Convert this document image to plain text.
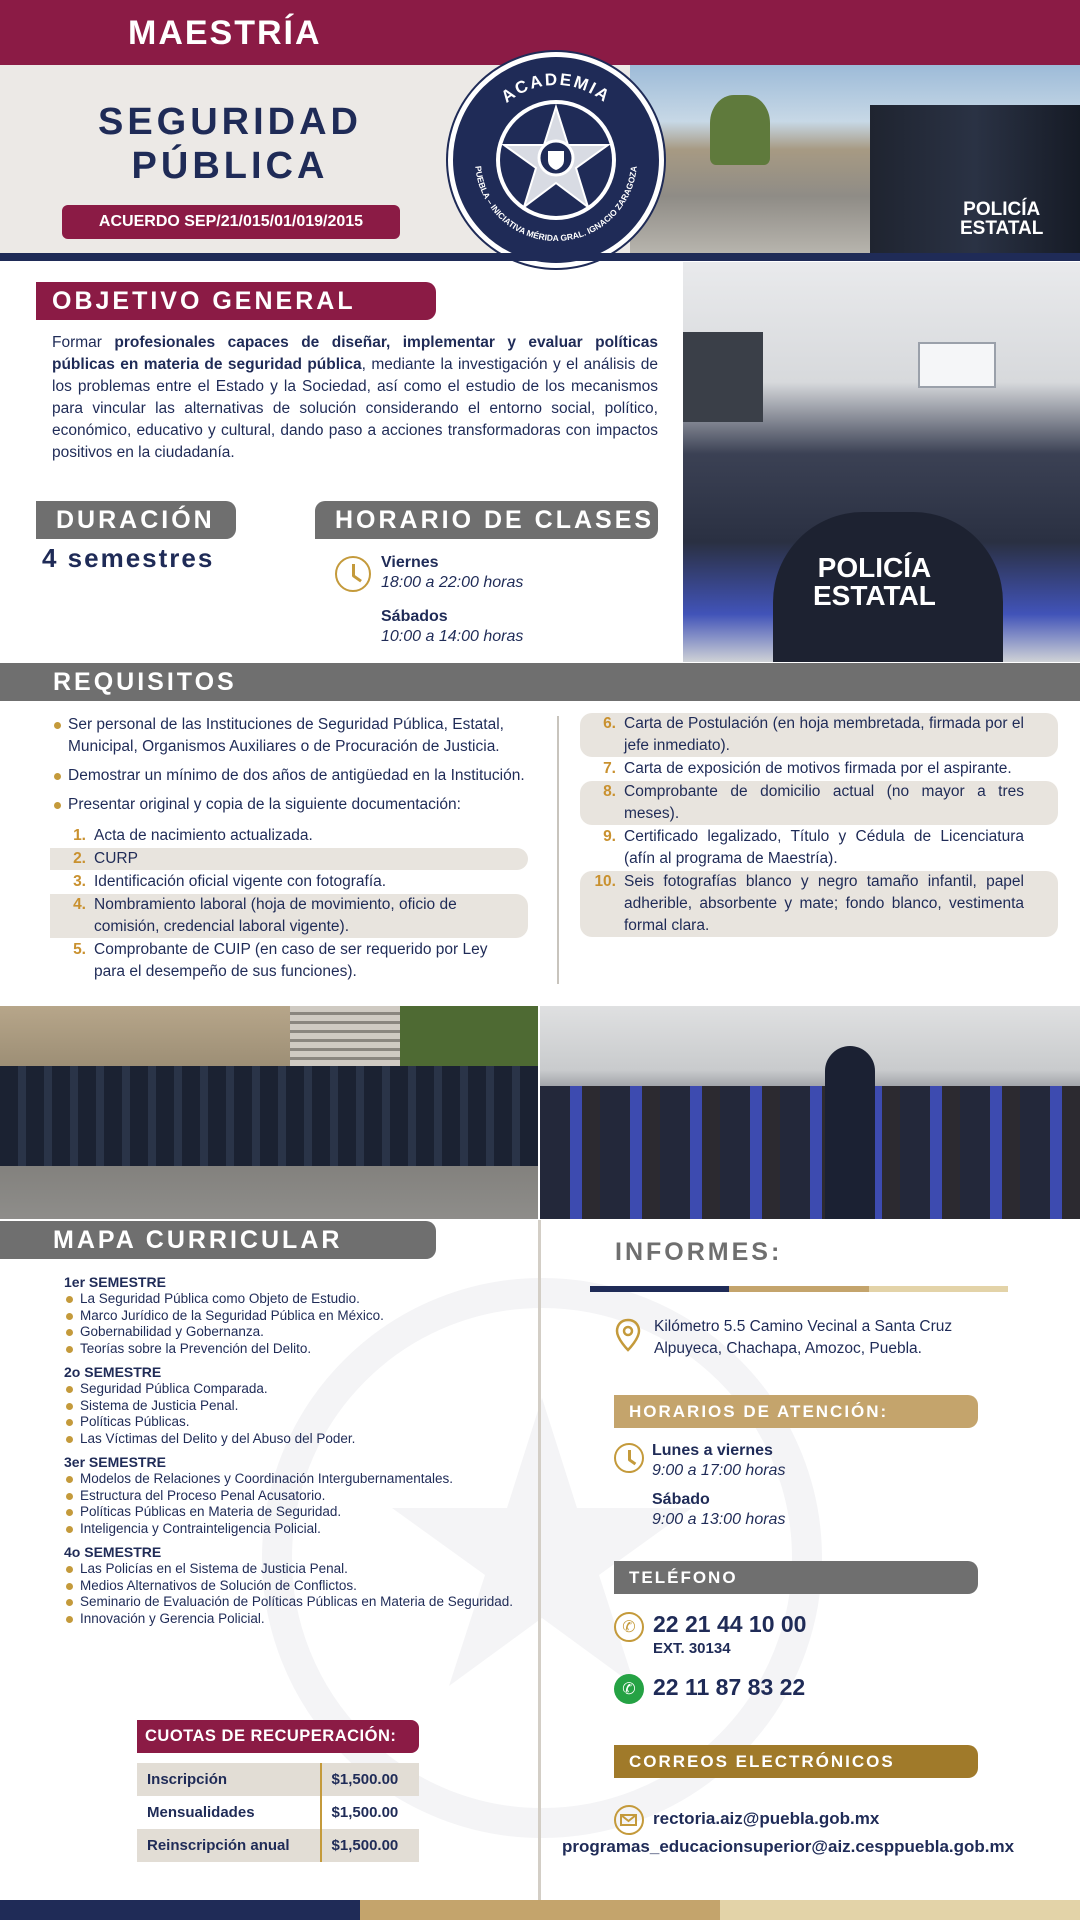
MAESTRÍA
SEGURIDAD
PÚBLICA
ACUERDO SEP/21/015/01/019/2015
POLICÍA
ESTATAL
ACADEMIA
PUEBLA – INICIATIVA MÉRIDA GRAL. IGNACIO ZARAGOZA
OBJETIVO GENERAL
Formar profesionales capaces de diseñar, implementar y evaluar políticas públicas en materia de seguridad pública, mediante la investigación y el análisis de los problemas entre el Estado y la Sociedad, así como el estudio de los mecanismos para vincular las alternativas de solución considerando el entorno social, político, económico, educativo y cultural, dando paso a acciones transformadoras con impactos positivos en la ciudadanía.
POLICÍA
ESTATAL
DURACIÓN
4 semestres
HORARIO DE CLASES
Viernes
18:00 a 22:00 horas
Sábados
10:00 a 14:00 horas
REQUISITOS
Ser personal de las Instituciones de Seguridad Pública, Estatal, Municipal, Organismos Auxiliares o de Procuración de Justicia.
Demostrar un mínimo de dos años de antigüedad en la Institución.
Presentar original y copia de la siguiente documentación:
1. Acta de nacimiento actualizada.
2. CURP
3. Identificación oficial vigente con fotografía.
4. Nombramiento laboral (hoja de movimiento, oficio de comisión, credencial laboral vigente).
5. Comprobante de CUIP (en caso de ser requerido por Ley para el desempeño de sus funciones).
6. Carta de Postulación (en hoja membretada, firmada por el jefe inmediato).
7. Carta de exposición de motivos firmada por el aspirante.
8. Comprobante de domicilio actual (no mayor a tres meses).
9. Certificado legalizado, Título y Cédula de Licenciatura (afín al programa de Maestría).
10. Seis fotografías blanco y negro tamaño infantil, papel adherible, absorbente y mate; fondo blanco, vestimenta formal clara.
MAPA CURRICULAR
1er SEMESTRE
La Seguridad Pública como Objeto de Estudio.
Marco Jurídico de la Seguridad Pública en México.
Gobernabilidad y Gobernanza.
Teorías sobre la Prevención del Delito.
2o SEMESTRE
Seguridad Pública Comparada.
Sistema de Justicia Penal.
Políticas Públicas.
Las Víctimas del Delito y del Abuso del Poder.
3er SEMESTRE
Modelos de Relaciones y Coordinación Intergubernamentales.
Estructura del Proceso Penal Acusatorio.
Políticas Públicas en Materia de Seguridad.
Inteligencia y Contrainteligencia Policial.
4o SEMESTRE
Las Policías en el Sistema de Justicia Penal.
Medios Alternativos de Solución de Conflictos.
Seminario de Evaluación de Políticas Públicas en Materia de Seguridad.
Innovación y Gerencia Policial.
CUOTAS DE RECUPERACIÓN:
Inscripción	$1,500.00
Mensualidades	$1,500.00
Reinscripción anual	$1,500.00
INFORMES:
Kilómetro 5.5 Camino Vecinal a Santa Cruz Alpuyeca, Chachapa, Amozoc, Puebla.
HORARIOS DE ATENCIÓN:
Lunes a viernes
9:00 a 17:00 horas
Sábado
9:00 a 13:00 horas
TELÉFONO
✆ 22 21 44 10 00
EXT. 30134
✆ 22 11 87 83 22
CORREOS ELECTRÓNICOS
rectoria.aiz@puebla.gob.mx
programas_educacionsuperior@aiz.cesppuebla.gob.mx
